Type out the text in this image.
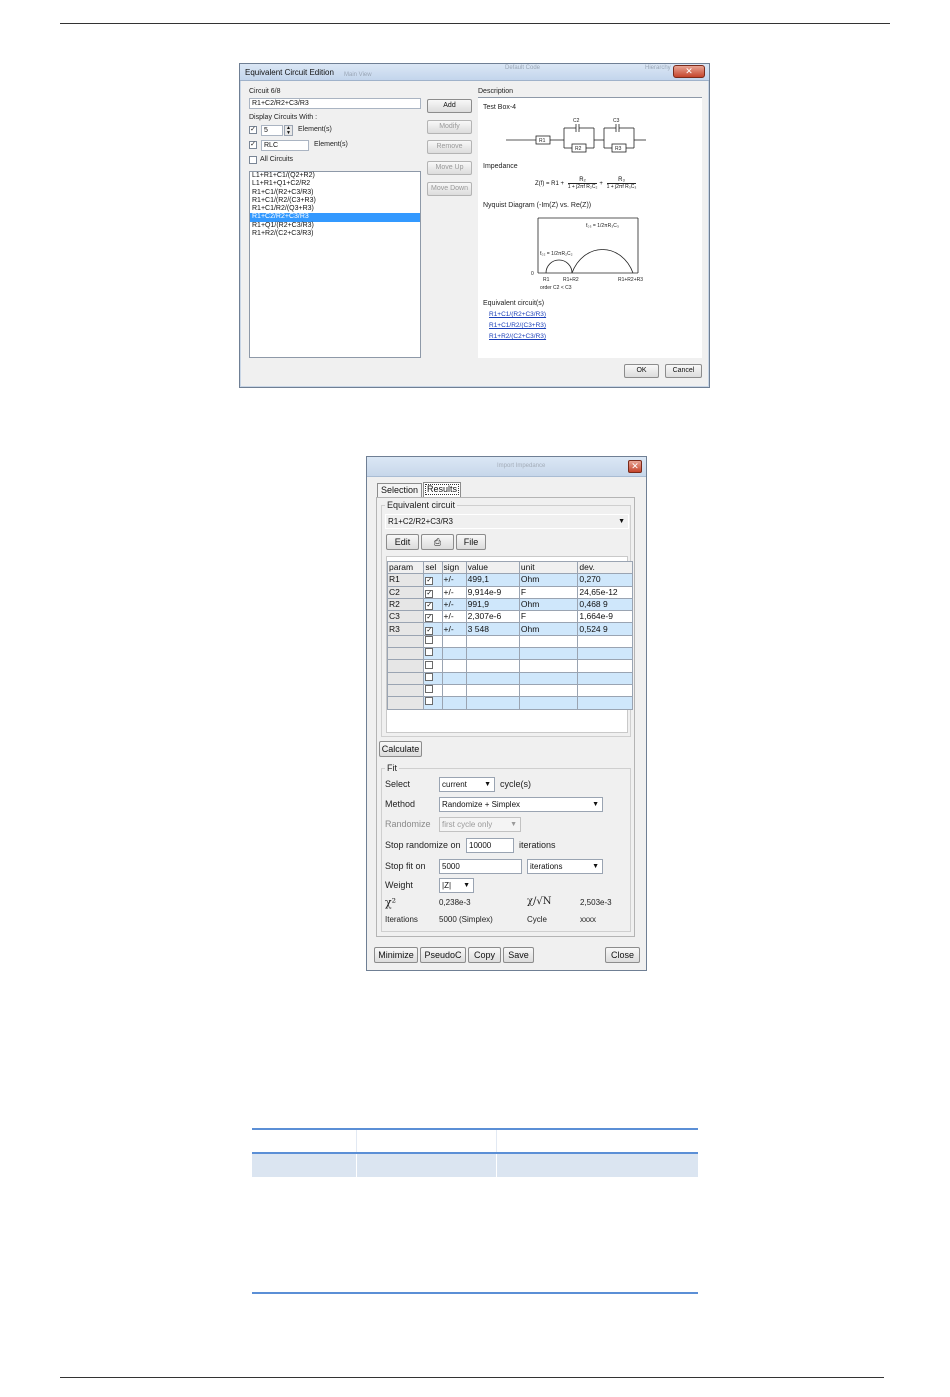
Equivalent Circuit Edition	Default Code
Main View
Hierarchy	✕
Circuit 6/8
R1+C2/R2+C3/R3
Display Circuits With :
✓	5	▲
▼ Element(s)
✓	RLC	Element(s)
All Circuits
L1+R1+C1/(Q2+R2)
L1+R1+Q1+C2/R2
R1+C1/(R2+C3/R3)
R1+C1/(R2/(C3+R3)
R1+C1/R2/(Q3+R3)
R1+C2/R2+C3/R3
R1+Q1/(R2+C3/R3)
R1+R2/(C2+C3/R3)
Add
Modify
Remove
Move Up
Move Down
Description
Test Box-4
R1
C2
R2
C3
R3
Impedance
Z(f) = R1 +
R₂
1 + j2πf R₂C₂ +
R₃
1 + j2πf R₃C₃
Nyquist Diagram (-Im(Z) vs. Re(Z))
0
R1	R1+R2	R1+R2+R3
order C2 < C3
f₀₂ = 1/2πR₂C₂
f₀₃ = 1/2πR₃C₃
Equivalent circuit(s)
R1+C1/(R2+C3/R3)
R1+C1/R2/(C3+R3)
R1+R2/(C2+C3/R3)
OK	Cancel
Import Impedance	✕
Selection Results
Equivalent circuit
R1+C2/R2+C3/R3	▼
Edit	⎙	File
param	sel	sign	value	unit	dev.
R1	✓	+/-	499,1	Ohm	0,270
C2	✓	+/-	9,914e-9	F	24,65e-12
R2	✓	+/-	991,9	Ohm	0,468 9
C3	✓	+/-	2,307e-6	F	1,664e-9
R3	✓	+/-	3 548	Ohm	0,524 9

Calculate
Fit
Select	current ▼ cycle(s)
Method	Randomize + Simplex	▼
Randomize	first cycle only	▼
Stop randomize on	10000	iterations
Stop fit on	5000	iterations	▼
Weight	|Z| ▼
χ²	0,238e-3	χ/√N	2,503e-3
Iterations	5000 (Simplex)	Cycle	xxxx
Minimize	PseudoC	Copy	Save	Close
